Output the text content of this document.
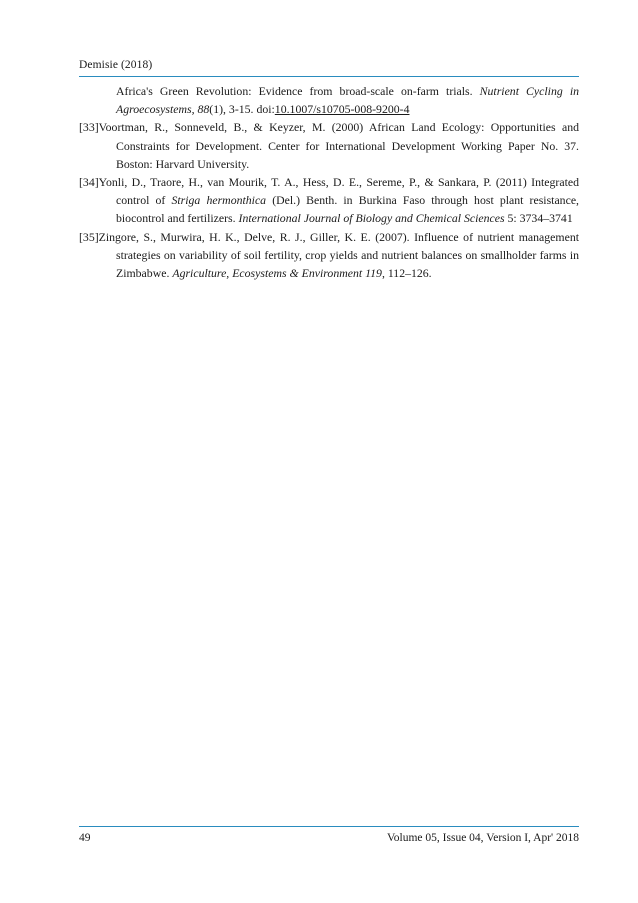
Demisie (2018)

Africa's Green Revolution: Evidence from broad-scale on-farm trials. Nutrient Cycling in Agroecosystems, 88(1), 3-15. doi:10.1007/s10705-008-9200-4

[33]Voortman, R., Sonneveld, B., & Keyzer, M. (2000) African Land Ecology: Opportunities and Constraints for Development. Center for International Development Working Paper No. 37. Boston: Harvard University.

[34]Yonli, D., Traore, H., van Mourik, T. A., Hess, D. E., Sereme, P., & Sankara, P. (2011) Integrated control of Striga hermonthica (Del.) Benth. in Burkina Faso through host plant resistance, biocontrol and fertilizers. International Journal of Biology and Chemical Sciences 5: 3734–3741

[35]Zingore, S., Murwira, H. K., Delve, R. J., Giller, K. E. (2007). Influence of nutrient management strategies on variability of soil fertility, crop yields and nutrient balances on smallholder farms in Zimbabwe. Agriculture, Ecosystems & Environment 119, 112–126.

49	Volume 05, Issue 04, Version I, Apr' 2018
